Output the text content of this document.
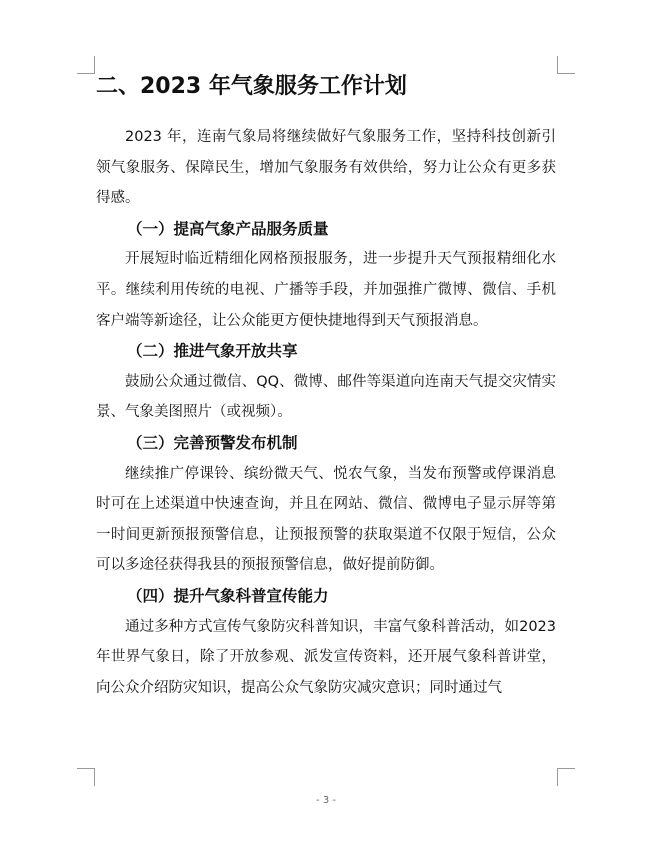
二、2023 年气象服务工作计划

2023 年，连南气象局将继续做好气象服务工作，坚持科技创新引领气象服务、保障民生，增加气象服务有效供给，努力让公众有更多获得感。

（一）提高气象产品服务质量

开展短时临近精细化网格预报服务，进一步提升天气预报精细化水平。继续利用传统的电视、广播等手段，并加强推广微博、微信、手机客户端等新途径，让公众能更方便快捷地得到天气预报消息。

（二）推进气象开放共享

鼓励公众通过微信、QQ、微博、邮件等渠道向连南天气提交灾情实景、气象美图照片（或视频）。

（三）完善预警发布机制

继续推广停课铃、缤纷微天气、悦农气象，当发布预警或停课消息时可在上述渠道中快速查询，并且在网站、微信、微博电子显示屏等第一时间更新预报预警信息，让预报预警的获取渠道不仅限于短信，公众可以多途径获得我县的预报预警信息，做好提前防御。

（四）提升气象科普宣传能力

通过多种方式宣传气象防灾科普知识，丰富气象科普活动，如2023 年世界气象日，除了开放参观、派发宣传资料，还开展气象科普讲堂，向公众介绍防灾知识，提高公众气象防灾减灾意识；同时通过气

- 3 -
